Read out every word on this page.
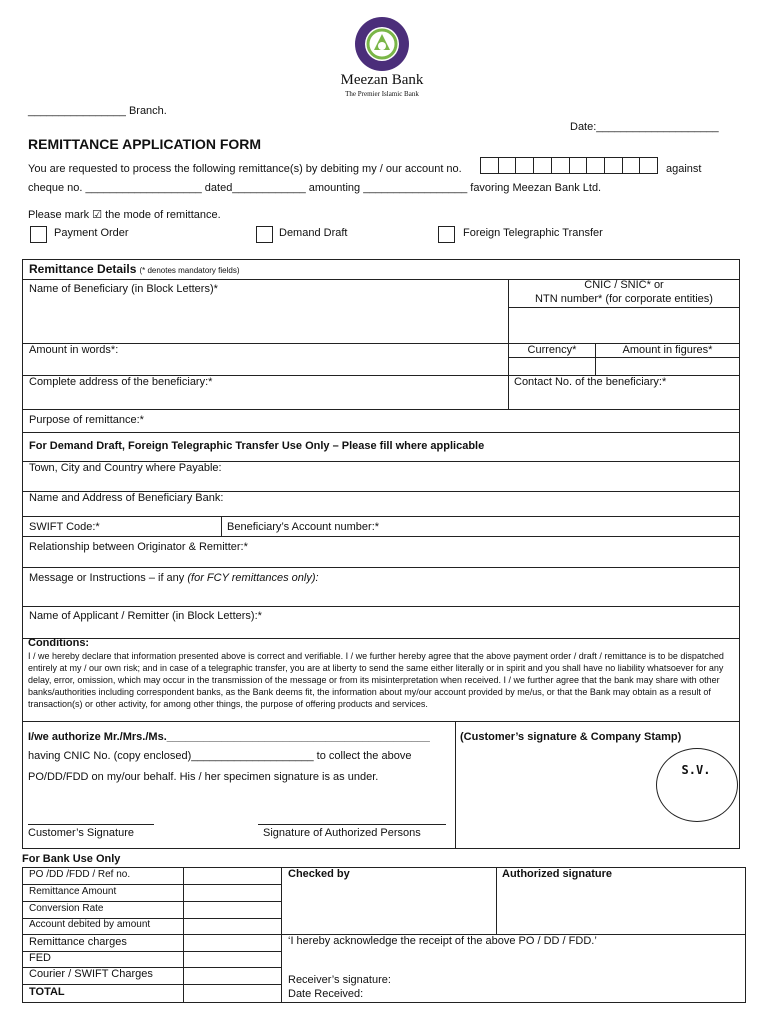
Meezan Bank
The Premier Islamic Bank
________________ Branch.
Date:____________________
REMITTANCE APPLICATION FORM
You are requested to process the following remittance(s) by debiting my / our account no.	against
cheque no. ___________________ dated____________ amounting _________________ favoring Meezan Bank Ltd.
Please mark ☑ the mode of remittance.
Payment Order	Demand Draft	Foreign Telegraphic Transfer
Remittance Details (* denotes mandatory fields)
Name of Beneficiary (in Block Letters)*	CNIC / SNIC* or
NTN number* (for corporate entities)
Amount in words*:	Currency*	Amount in figures*
Complete address of the beneficiary:*	Contact No. of the beneficiary:*
Purpose of remittance:*
For Demand Draft, Foreign Telegraphic Transfer Use Only – Please fill where applicable
Town, City and Country where Payable:
Name and Address of Beneficiary Bank:
SWIFT Code:*	Beneficiary’s Account number:*
Relationship between Originator & Remitter:*
Message or Instructions – if any (for FCY remittances only):
Name of Applicant / Remitter (in Block Letters):*
Conditions:
I / we hereby declare that information presented above is correct and verifiable. I / we further hereby agree that the above payment order / draft / remittance is to be dispatched entirely at my / our own risk; and in case of a telegraphic transfer, you are at liberty to send the same either literally or in spirit and you shall have no liability whatsoever for any delay, error, omission, which may occur in the transmission of the message or from its misinterpretation when received. I / we further agree that the bank may share with other banks/authorities including correspondent banks, as the Bank deems fit, the information about my/our account provided by me/us, or that the Bank may obtain as a result of transaction(s) or other activity, for among other things, the purpose of offering products and services.
I/we authorize Mr./Mrs./Ms.___________________________________________
having CNIC No. (copy enclosed)____________________ to collect the above
PO/DD/FDD on my/our behalf. His / her specimen signature is as under.
Customer’s Signature	Signature of Authorized Persons
(Customer’s signature & Company Stamp)
S.V.
For Bank Use Only
PO /DD /FDD / Ref no.
Remittance Amount
Conversion Rate
Account debited by amount
Remittance charges
FED
Courier / SWIFT Charges
TOTAL
Checked by	Authorized signature
‘I hereby acknowledge the receipt of the above PO / DD / FDD.’
Receiver’s signature:
Date Received:
